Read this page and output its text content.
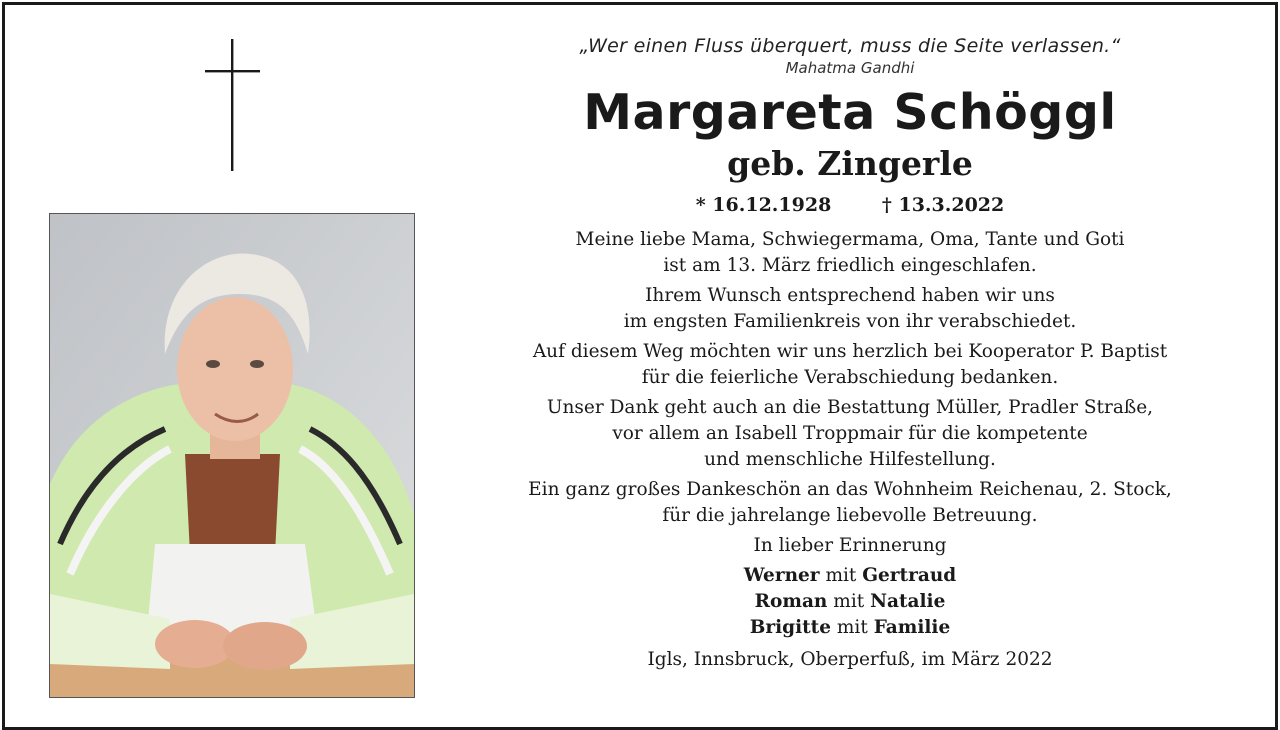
„Wer einen Fluss überquert, muss die Seite verlassen.“

Mahatma Gandhi

Margareta Schöggl

geb. Zingerle

* 16.12.1928	† 13.3.2022

Meine liebe Mama, Schwiegermama, Oma, Tante und Goti
ist am 13. März friedlich eingeschlafen.

Ihrem Wunsch entsprechend haben wir uns
im engsten Familienkreis von ihr verabschiedet.

Auf diesem Weg möchten wir uns herzlich bei Kooperator P. Baptist
für die feierliche Verabschiedung bedanken.

Unser Dank geht auch an die Bestattung Müller, Pradler Straße,
vor allem an Isabell Troppmair für die kompetente
und menschliche Hilfestellung.

Ein ganz großes Dankeschön an das Wohnheim Reichenau, 2. Stock,
für die jahrelange liebevolle Betreuung.

In lieber Erinnerung

Werner mit Gertraud

Roman mit Natalie

Brigitte mit Familie

Igls, Innsbruck, Oberperfuß, im März 2022
